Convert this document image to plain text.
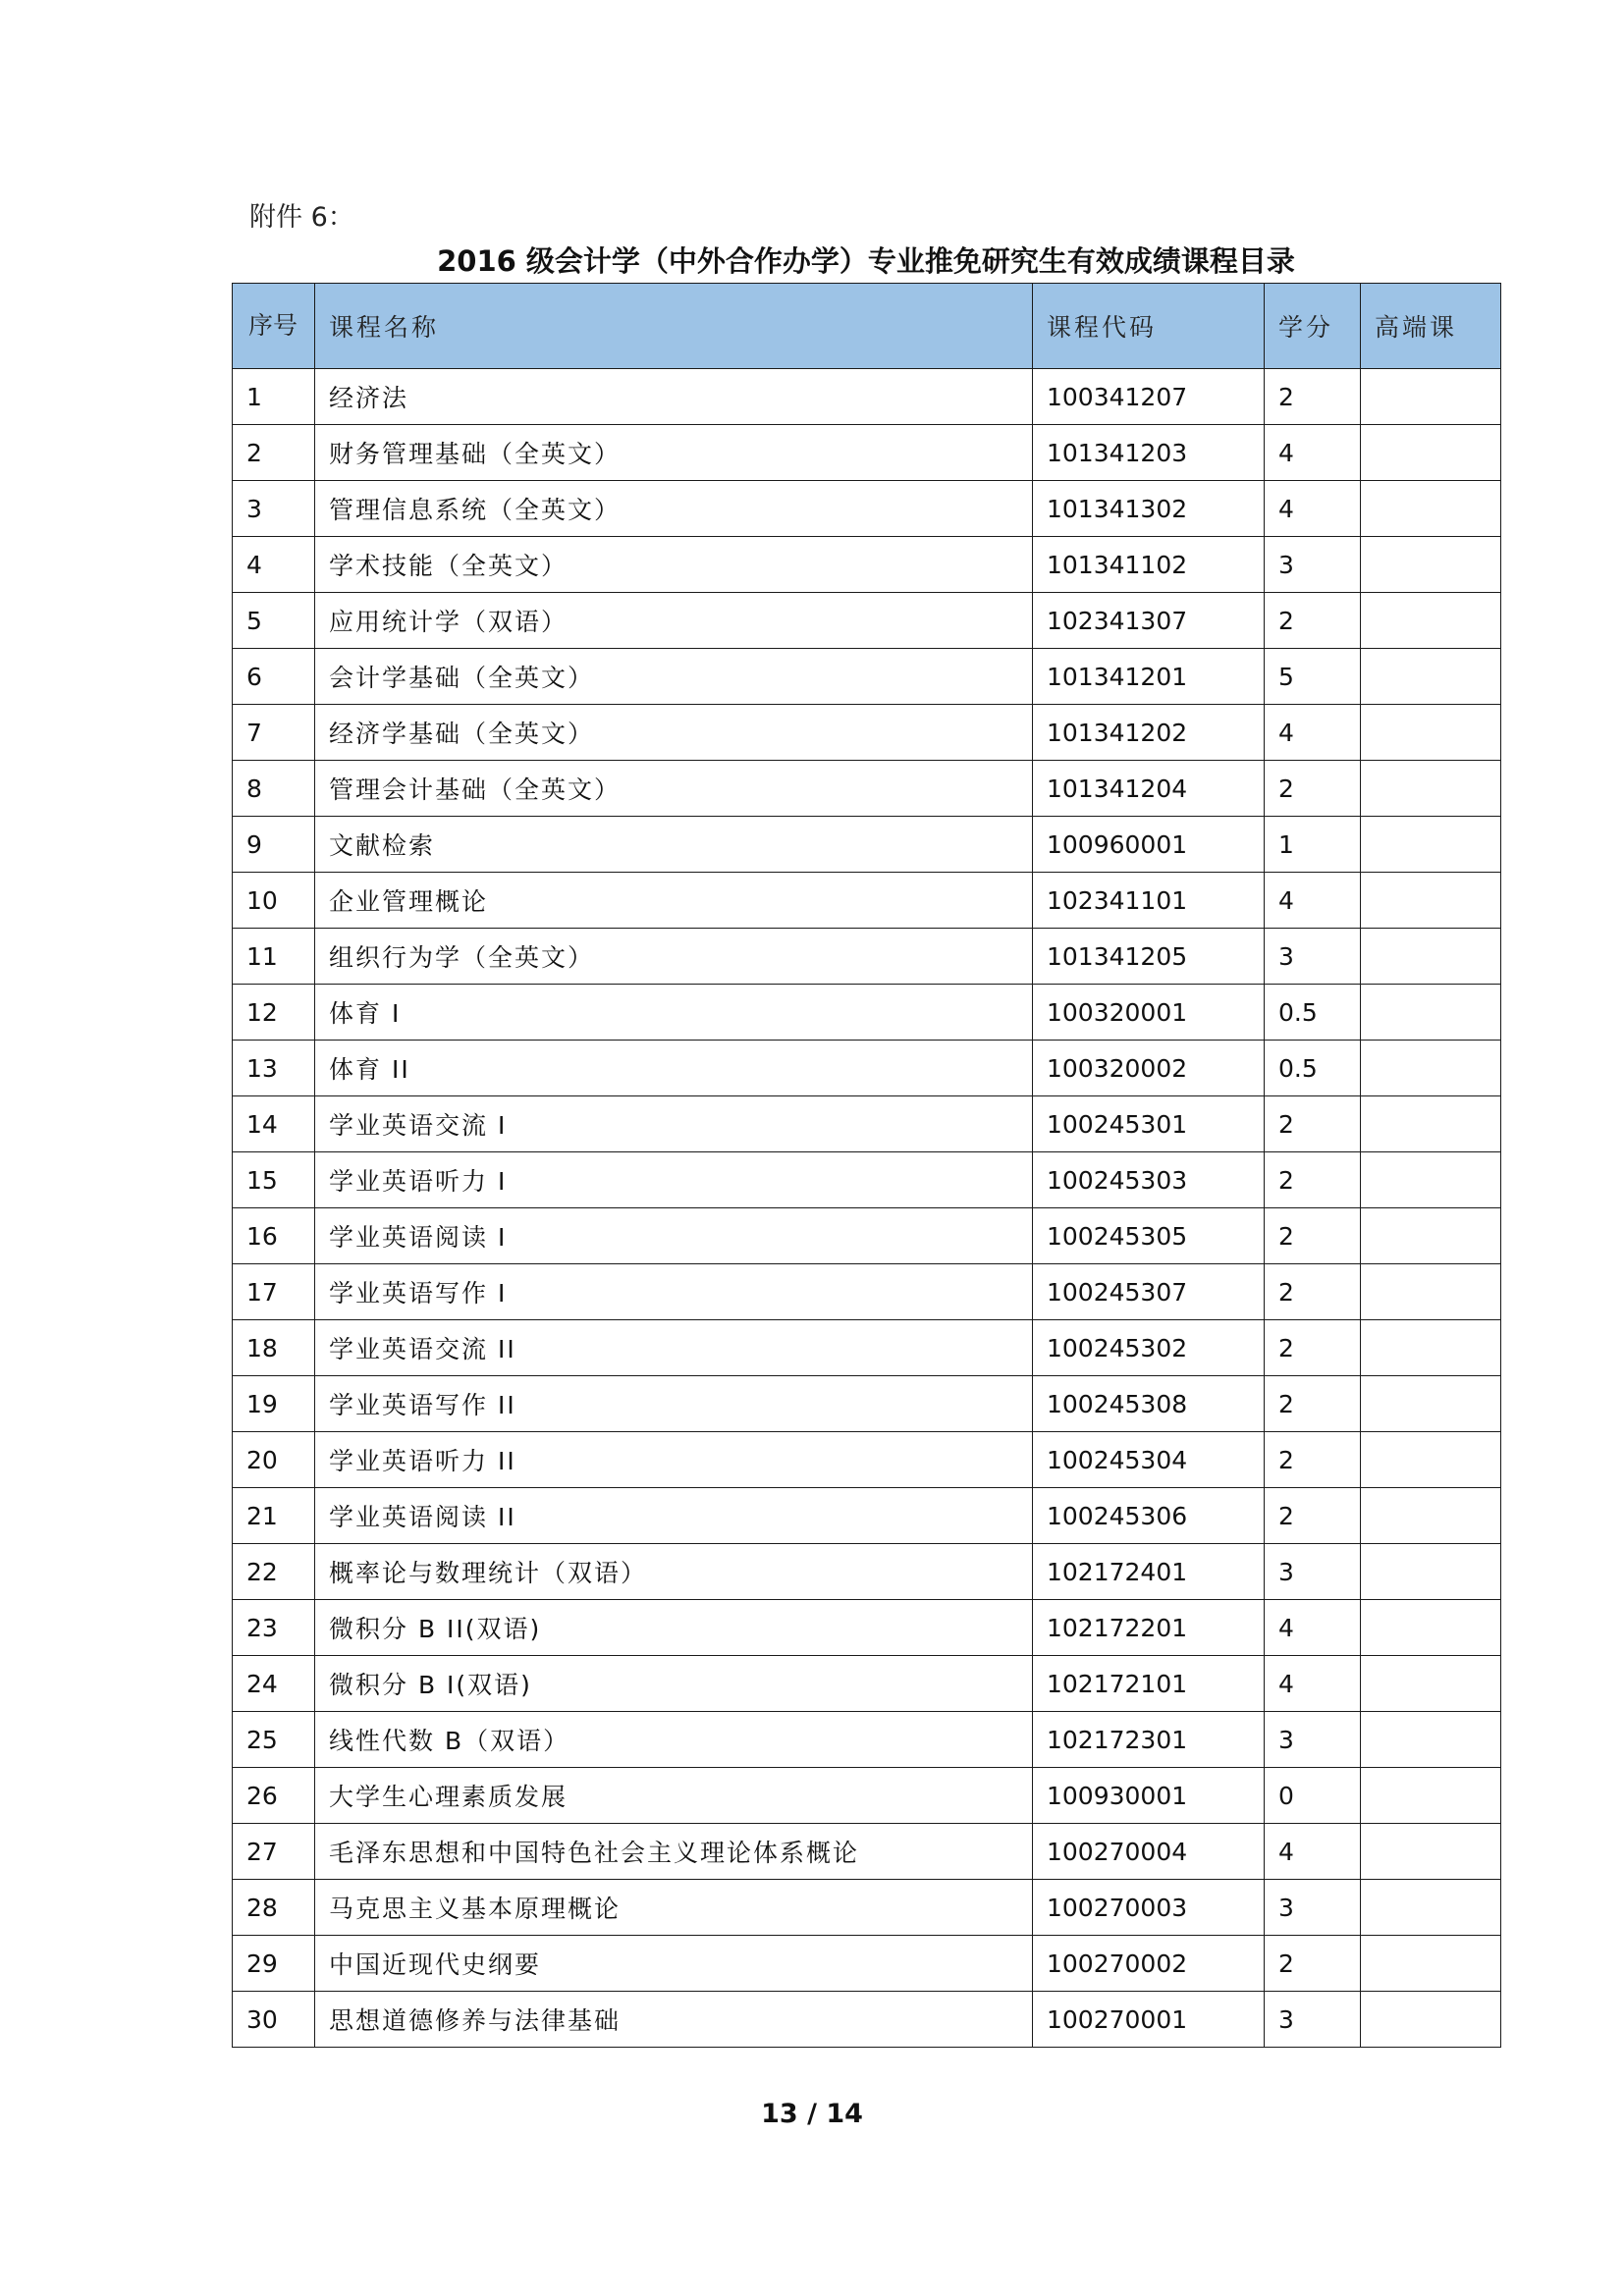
附件 6：
2016 级会计学（中外合作办学）专业推免研究生有效成绩课程目录
序号	课程名称	课程代码	学分	高端课
1	经济法	100341207	2	
2	财务管理基础（全英文）	101341203	4	
3	管理信息系统（全英文）	101341302	4	
4	学术技能（全英文）	101341102	3	
5	应用统计学（双语）	102341307	2	
6	会计学基础（全英文）	101341201	5	
7	经济学基础（全英文）	101341202	4	
8	管理会计基础（全英文）	101341204	2	
9	文献检索	100960001	1	
10	企业管理概论	102341101	4	
11	组织行为学（全英文）	101341205	3	
12	体育 I	100320001	0.5	
13	体育 II	100320002	0.5	
14	学业英语交流 I	100245301	2	
15	学业英语听力 I	100245303	2	
16	学业英语阅读 I	100245305	2	
17	学业英语写作 I	100245307	2	
18	学业英语交流 II	100245302	2	
19	学业英语写作 II	100245308	2	
20	学业英语听力 II	100245304	2	
21	学业英语阅读 II	100245306	2	
22	概率论与数理统计（双语）	102172401	3	
23	微积分 B II(双语)	102172201	4	
24	微积分 B I(双语)	102172101	4	
25	线性代数 B（双语）	102172301	3	
26	大学生心理素质发展	100930001	0	
27	毛泽东思想和中国特色社会主义理论体系概论	100270004	4	
28	马克思主义基本原理概论	100270003	3	
29	中国近现代史纲要	100270002	2	
30	思想道德修养与法律基础	100270001	3	
13 / 14
